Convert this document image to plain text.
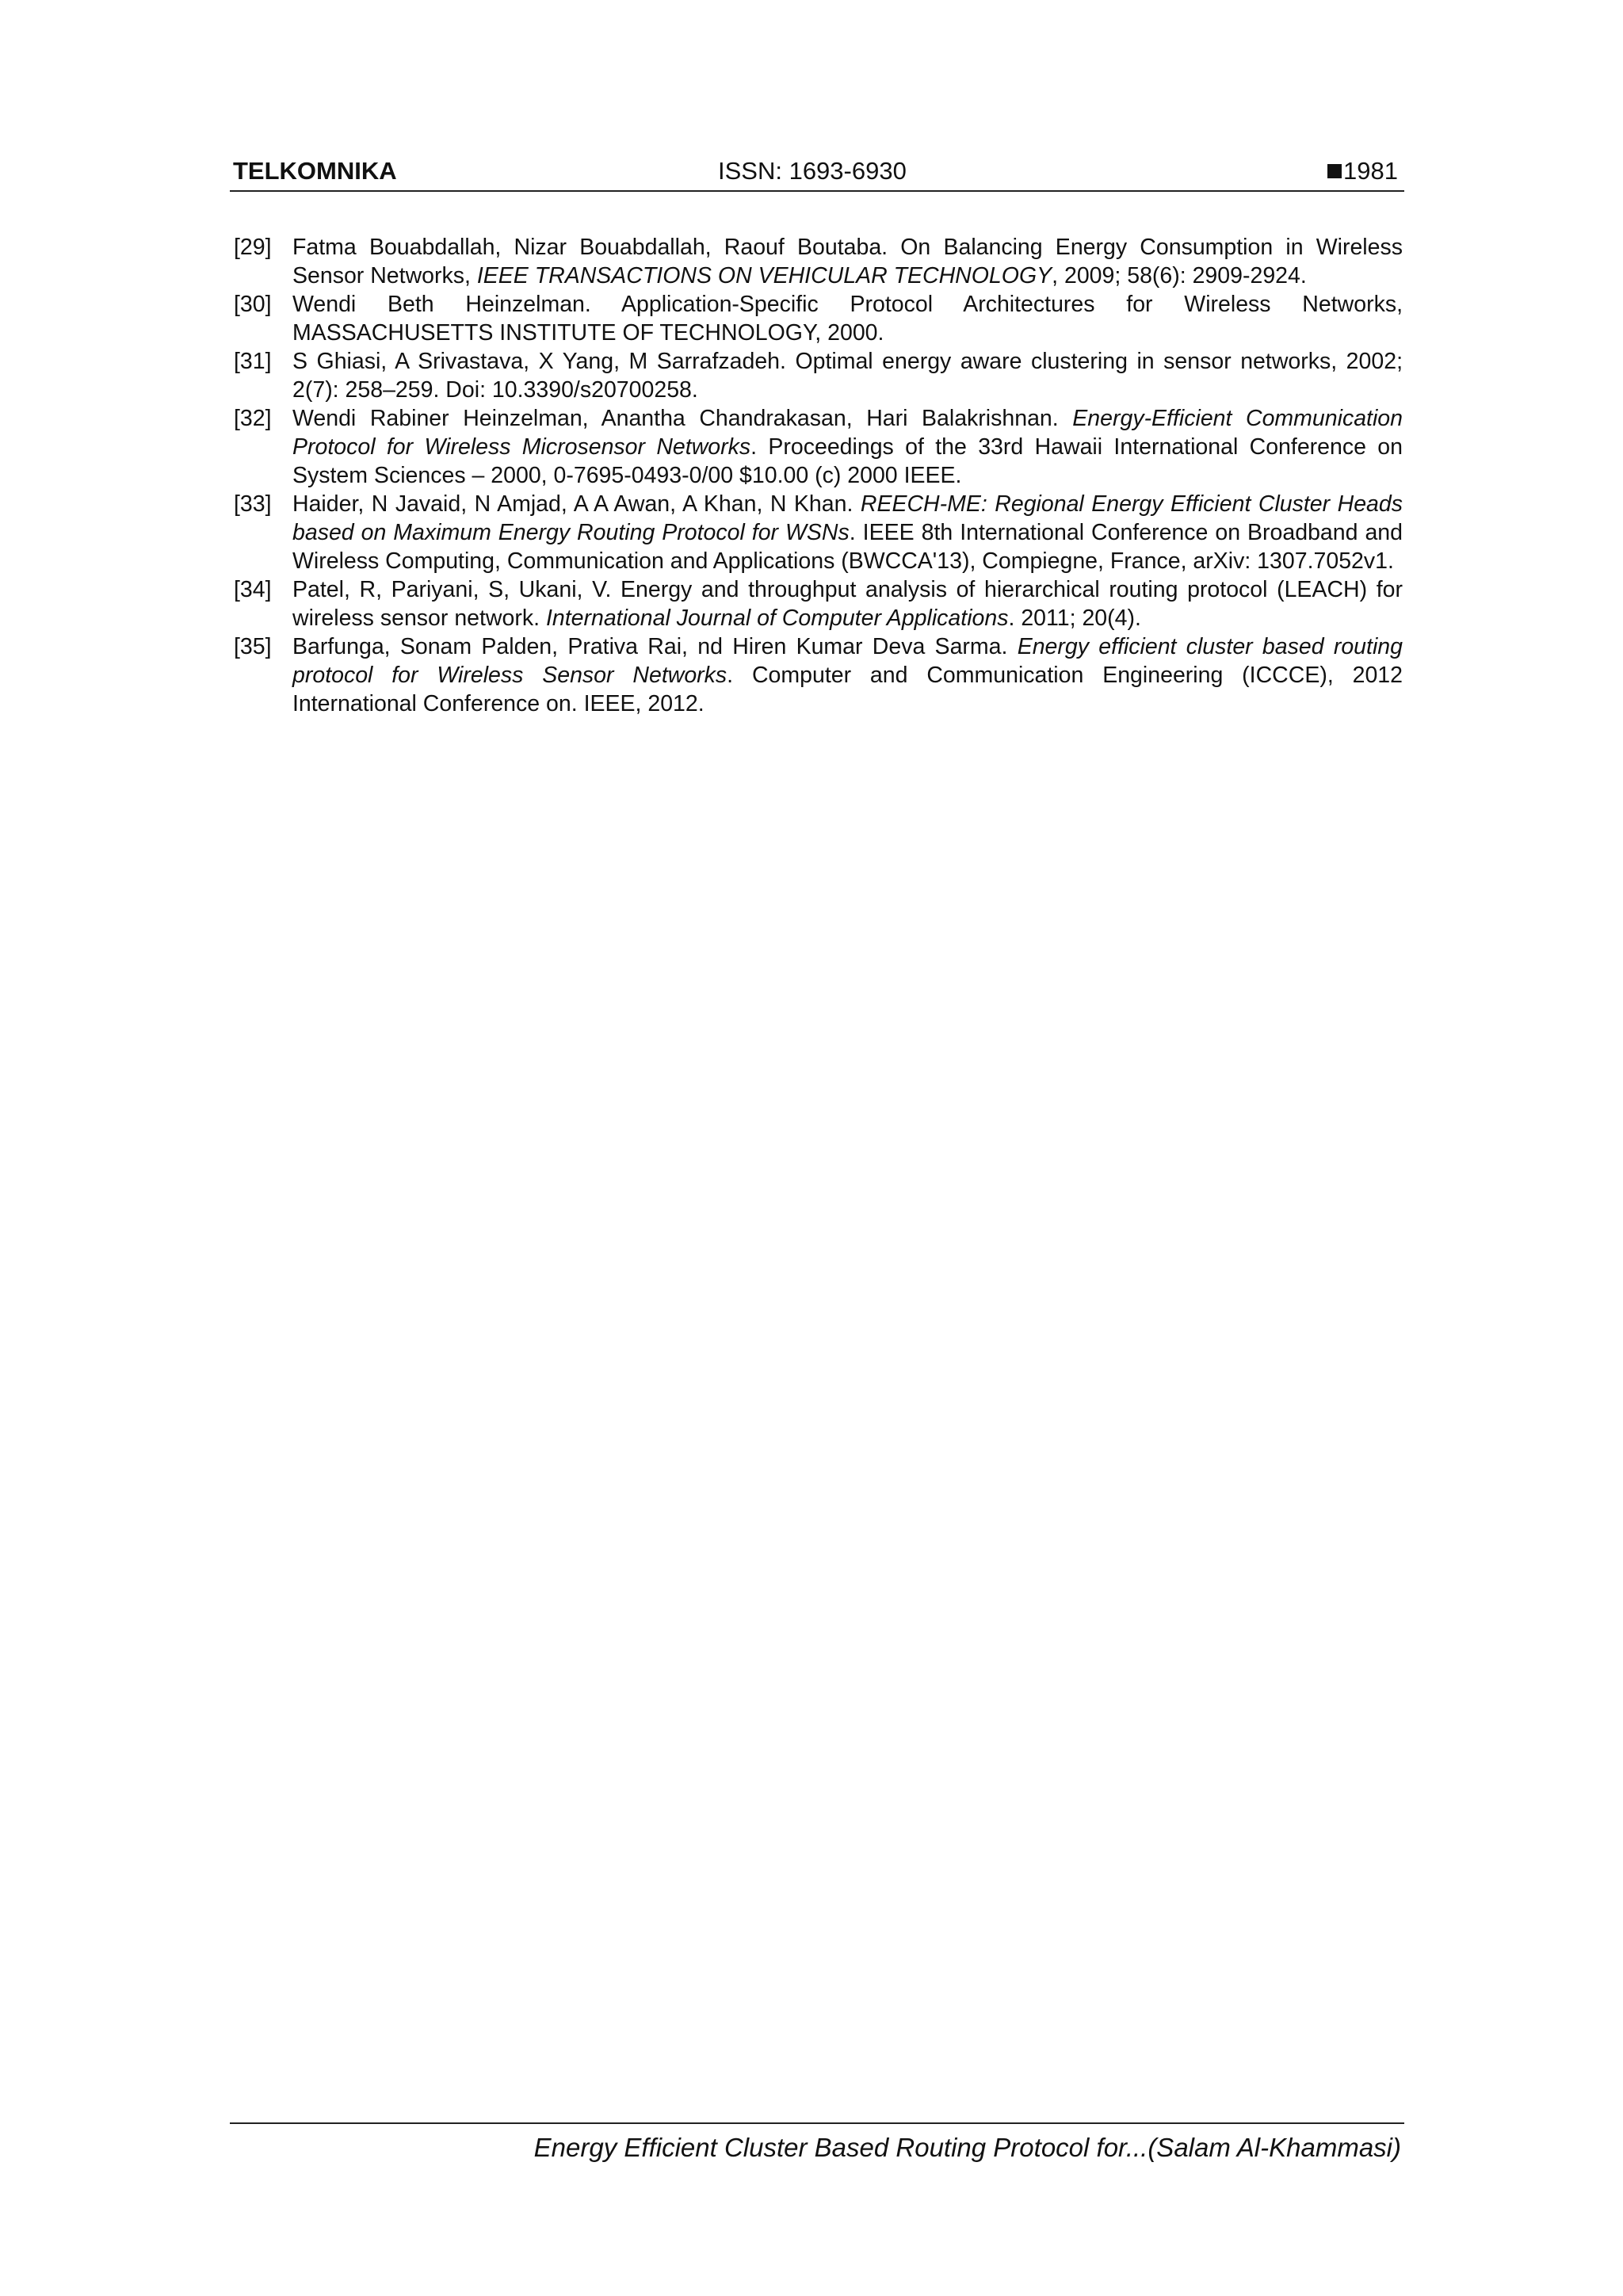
TELKOMNIKA	ISSN: 1693-6930	1981
[29] Fatma Bouabdallah, Nizar Bouabdallah, Raouf Boutaba. On Balancing Energy Consumption in Wireless Sensor Networks, IEEE TRANSACTIONS ON VEHICULAR TECHNOLOGY, 2009; 58(6): 2909-2924.
[30] Wendi Beth Heinzelman. Application-Specific Protocol Architectures for Wireless Networks, MASSACHUSETTS INSTITUTE OF TECHNOLOGY, 2000.
[31] S Ghiasi, A Srivastava, X Yang, M Sarrafzadeh. Optimal energy aware clustering in sensor networks, 2002; 2(7): 258–259. Doi: 10.3390/s20700258.
[32] Wendi Rabiner Heinzelman, Anantha Chandrakasan, Hari Balakrishnan. Energy-Efficient Communication Protocol for Wireless Microsensor Networks. Proceedings of the 33rd Hawaii International Conference on System Sciences – 2000, 0-7695-0493-0/00 $10.00 (c) 2000 IEEE.
[33] Haider, N Javaid, N Amjad, A A Awan, A Khan, N Khan. REECH-ME: Regional Energy Efficient Cluster Heads based on Maximum Energy Routing Protocol for WSNs. IEEE 8th International Conference on Broadband and Wireless Computing, Communication and Applications (BWCCA'13), Compiegne, France, arXiv: 1307.7052v1.
[34] Patel, R, Pariyani, S, Ukani, V. Energy and throughput analysis of hierarchical routing protocol (LEACH) for wireless sensor network. International Journal of Computer Applications. 2011; 20(4).
[35] Barfunga, Sonam Palden, Prativa Rai, nd Hiren Kumar Deva Sarma. Energy efficient cluster based routing protocol for Wireless Sensor Networks. Computer and Communication Engineering (ICCCE), 2012 International Conference on. IEEE, 2012.
Energy Efficient Cluster Based Routing Protocol for...(Salam Al-Khammasi)
